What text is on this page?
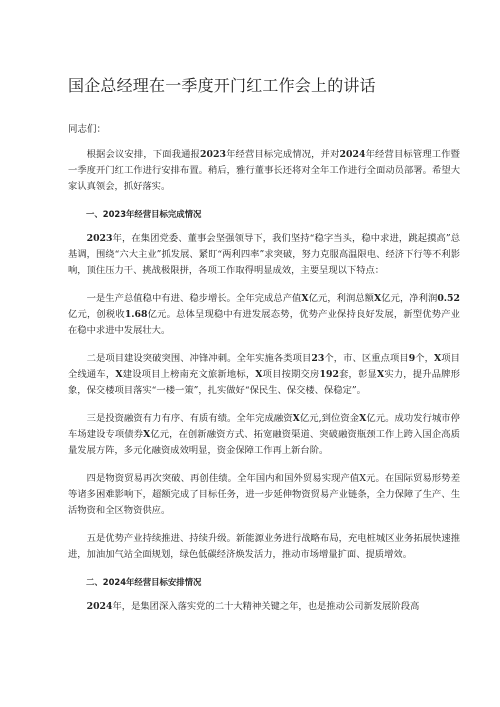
国企总经理在一季度开门红工作会上的讲话
同志们：

根据会议安排，下面我通报2023年经营目标完成情况，并对2024年经营目标管理工作暨一季度开门红工作进行安排布置。稍后，雅行董事长还将对全年工作进行全面动员部署。希望大家认真领会，抓好落实。

一、2023年经营目标完成情况

2023年，在集团党委、董事会坚强领导下，我们坚持“稳字当头，稳中求进，跳起摸高”总基调，围绕“六大主业”抓发展、紧盯“两利四率”求突破，努力克服高温限电、经济下行等不利影响，顶住压力干、挑战极限拼，各项工作取得明显成效，主要呈现以下特点：

一是生产总值稳中有进、稳步增长。全年完成总产值X亿元，利润总额X亿元，净利润0.52亿元，创税收1.68亿元。总体呈现稳中有进发展态势，优势产业保持良好发展，新型优势产业在稳中求进中发展壮大。

二是项目建设突破突围、冲锋冲刺。全年实施各类项目23个，市、区重点项目9个，X项目全线通车，X建设项目上榜南充文旅新地标，X项目按期交房192套，彰显X实力，提升品牌形象，保交楼项目落实“一楼一策”，扎实做好“保民生、保交楼、保稳定”。

三是投资融资有力有序、有质有绩。全年完成融资X亿元,到位资金X亿元。成功发行城市停车场建设专项债券X亿元，在创新融资方式、拓宽融资渠道、突破融资瓶颈工作上跨入国企高质量发展方阵，多元化融资成效明显，资金保障工作再上新台阶。

四是物资贸易再次突破、再创佳绩。全年国内和国外贸易实现产值X元。在国际贸易形势差等诸多困难影响下，超额完成了目标任务，进一步延伸物资贸易产业链条，全力保障了生产、生活物资和全区物资供应。

五是优势产业持续推进、持续升级。新能源业务进行战略布局，充电桩城区业务拓展快速推进，加油加气站全面规划，绿色低碳经济焕发活力，推动市场增量扩面、提质增效。

二、2024年经营目标安排情况

2024年，是集团深入落实党的二十大精神关键之年，也是推动公司新发展阶段高
